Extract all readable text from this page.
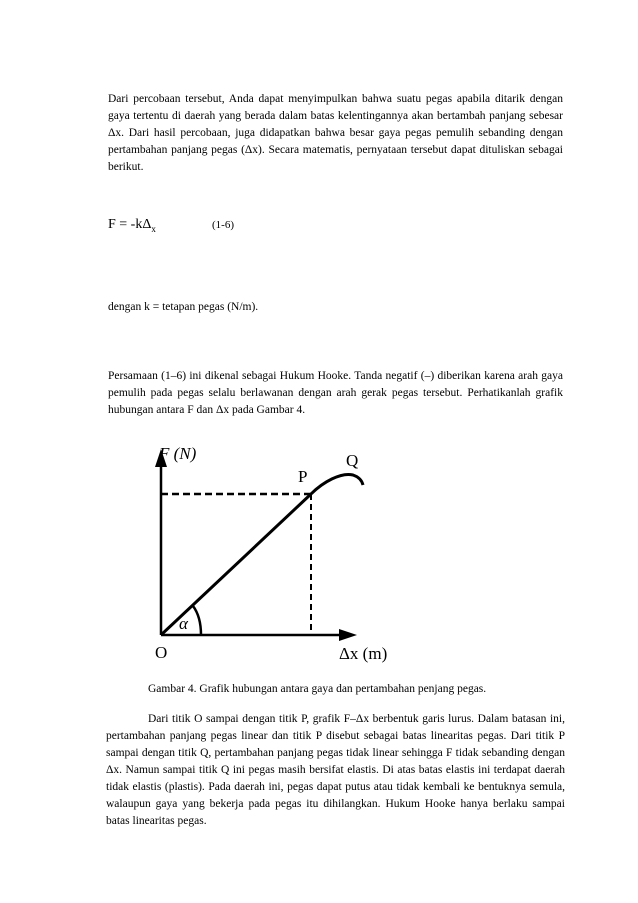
Dari percobaan tersebut, Anda dapat menyimpulkan bahwa suatu pegas apabila ditarik dengan gaya tertentu di daerah yang berada dalam batas kelentingannya akan bertambah panjang sebesar Δx. Dari hasil percobaan, juga didapatkan bahwa besar gaya pegas pemulih sebanding dengan pertambahan panjang pegas (Δx). Secara matematis, pernyataan tersebut dapat dituliskan sebagai berikut.
$F = -k\Delta_x$	(1-6)
dengan k = tetapan pegas (N/m).
Persamaan (1–6) ini dikenal sebagai Hukum Hooke. Tanda negatif (–) diberikan karena arah gaya pemulih pada pegas selalu berlawanan dengan arah gerak pegas tersebut. Perhatikanlah grafik hubungan antara F dan Δx pada Gambar 4.
F (N)
Δx (m)
O
P
Q
α
Gambar 4. Grafik hubungan antara gaya dan pertambahan penjang pegas.
Dari titik O sampai dengan titik P, grafik F–Δx berbentuk garis lurus. Dalam batasan ini, pertambahan panjang pegas linear dan titik P disebut sebagai batas linearitas pegas. Dari titik P sampai dengan titik Q, pertambahan panjang pegas tidak linear sehingga F tidak sebanding dengan Δx. Namun sampai titik Q ini pegas masih bersifat elastis. Di atas batas elastis ini terdapat daerah tidak elastis (plastis). Pada daerah ini, pegas dapat putus atau tidak kembali ke bentuknya semula, walaupun gaya yang bekerja pada pegas itu dihilangkan. Hukum Hooke hanya berlaku sampai batas linearitas pegas.
